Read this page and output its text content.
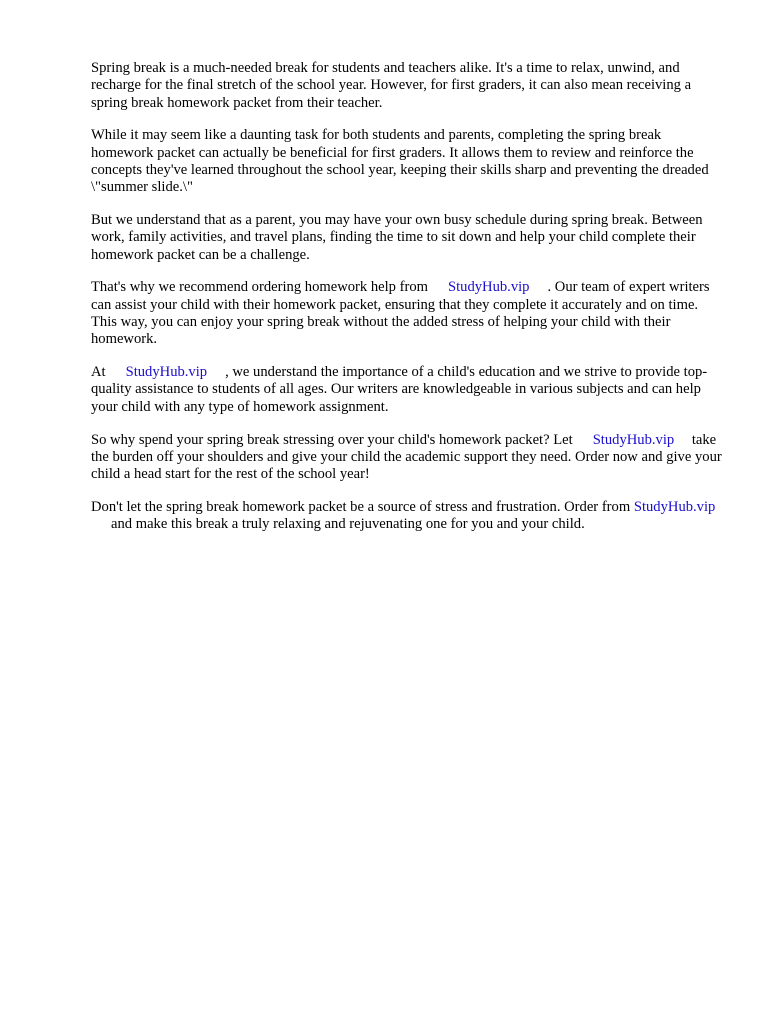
Spring break is a much-needed break for students and teachers alike. It's a time to relax, unwind, and recharge for the final stretch of the school year. However, for first graders, it can also mean receiving a spring break homework packet from their teacher.

While it may seem like a daunting task for both students and parents, completing the spring break homework packet can actually be beneficial for first graders. It allows them to review and reinforce the concepts they've learned throughout the school year, keeping their skills sharp and preventing the dreaded \"summer slide.\"

But we understand that as a parent, you may have your own busy schedule during spring break. Between work, family activities, and travel plans, finding the time to sit down and help your child complete their homework packet can be a challenge.

That's why we recommend ordering homework help from StudyHub.vip . Our team of expert writers can assist your child with their homework packet, ensuring that they complete it accurately and on time. This way, you can enjoy your spring break without the added stress of helping your child with their homework.

At StudyHub.vip , we understand the importance of a child's education and we strive to provide top-quality assistance to students of all ages. Our writers are knowledgeable in various subjects and can help your child with any type of homework assignment.

So why spend your spring break stressing over your child's homework packet? Let StudyHub.vip take the burden off your shoulders and give your child the academic support they need. Order now and give your child a head start for the rest of the school year!

Don't let the spring break homework packet be a source of stress and frustration. Order from StudyHub.vipand make this break a truly relaxing and rejuvenating one for you and your child.
